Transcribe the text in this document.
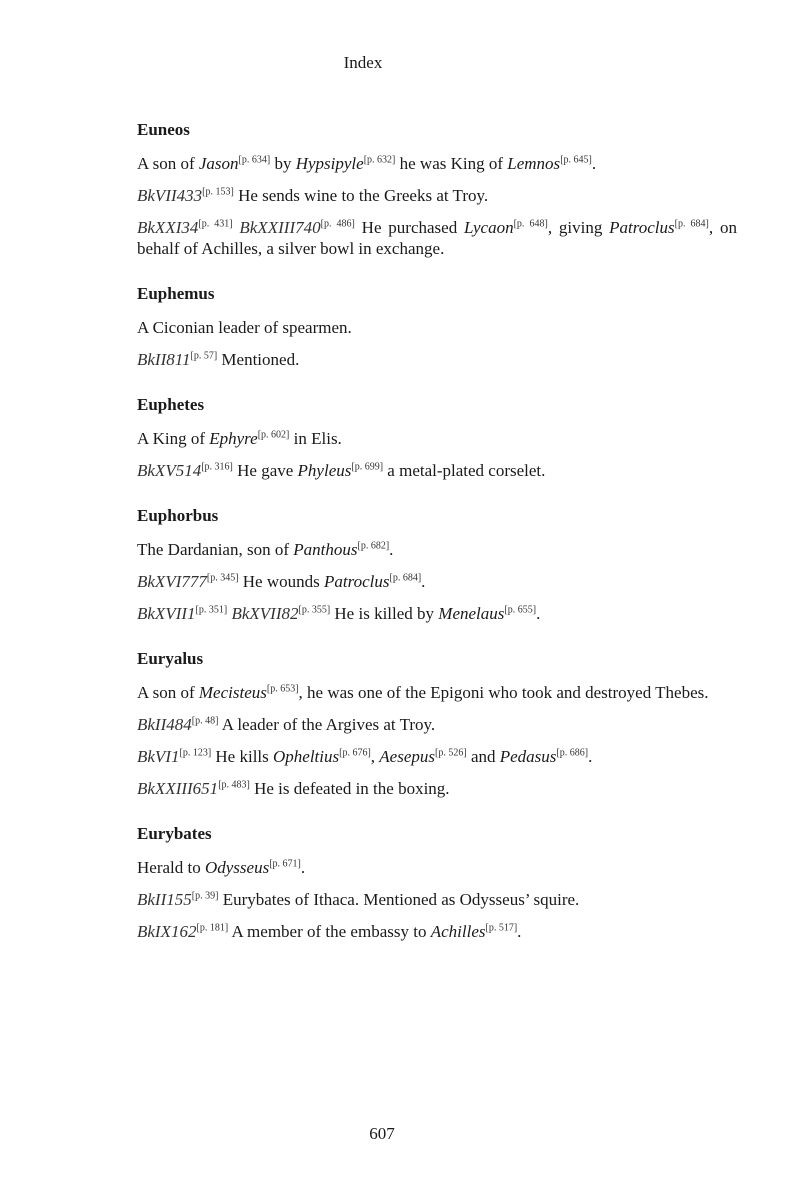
Index
Euneos

A son of Jason[p. 634] by Hypsipyle[p. 632] he was King of Lemnos[p. 645].

BkVII433[p. 153] He sends wine to the Greeks at Troy.

BkXXI34[p. 431] BkXXIII740[p. 486] He purchased Lycaon[p. 648], giving Patroclus[p. 684], on behalf of Achilles, a silver bowl in exchange.

Euphemus

A Ciconian leader of spearmen.

BkII811[p. 57] Mentioned.

Euphetes

A King of Ephyre[p. 602] in Elis.

BkXV514[p. 316] He gave Phyleus[p. 699] a metal-plated corselet.

Euphorbus

The Dardanian, son of Panthous[p. 682].

BkXVI777[p. 345] He wounds Patroclus[p. 684].

BkXVII1[p. 351] BkXVII82[p. 355] He is killed by Menelaus[p. 655].

Euryalus

A son of Mecisteus[p. 653], he was one of the Epigoni who took and destroyed Thebes.

BkII484[p. 48] A leader of the Argives at Troy.

BkVI1[p. 123] He kills Opheltius[p. 676], Aesepus[p. 526] and Pedasus[p. 686].

BkXXIII651[p. 483] He is defeated in the boxing.

Eurybates

Herald to Odysseus[p. 671].

BkII155[p. 39] Eurybates of Ithaca. Mentioned as Odysseus’ squire.

BkIX162[p. 181] A member of the embassy to Achilles[p. 517].

607
